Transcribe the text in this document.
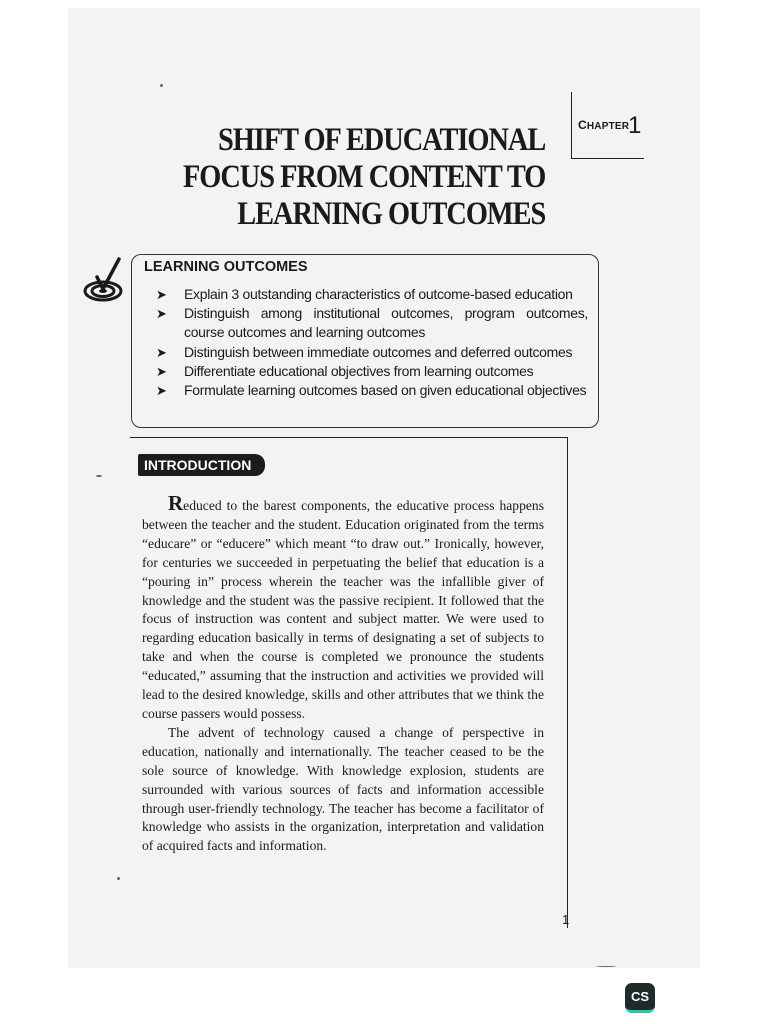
CHAPTER
1
SHIFT OF EDUCATIONAL
FOCUS FROM CONTENT TO
LEARNING OUTCOMES
LEARNING OUTCOMES
➤ Explain 3 outstanding characteristics of outcome-based education
➤ Distinguish among institutional outcomes, program outcomes, course outcomes and learning outcomes
➤ Distinguish between immediate outcomes and deferred outcomes
➤ Differentiate educational objectives from learning outcomes
➤ Formulate learning outcomes based on given educational objectives
INTRODUCTION

Reduced to the barest components, the educative process happens between the teacher and the student. Education originated from the terms “educare” or “educere” which meant “to draw out.” Ironically, however, for centuries we succeeded in perpetuating the belief that education is a “pouring in” process wherein the teacher was the infallible giver of knowledge and the student was the passive recipient. It followed that the focus of instruction was content and subject matter. We were used to regarding education basically in terms of designating a set of subjects to take and when the course is completed we pronounce the students “educated,” assuming that the instruction and activities we provided will lead to the desired knowledge, skills and other attributes that we think the course passers would possess.

The advent of technology caused a change of perspective in education, nationally and internationally. The teacher ceased to be the sole source of knowledge. With knowledge explosion, students are surrounded with various sources of facts and information accessible through user-friendly technology. The teacher has become a facilitator of knowledge who assists in the organization, interpretation and validation of acquired facts and information.

1
CS
